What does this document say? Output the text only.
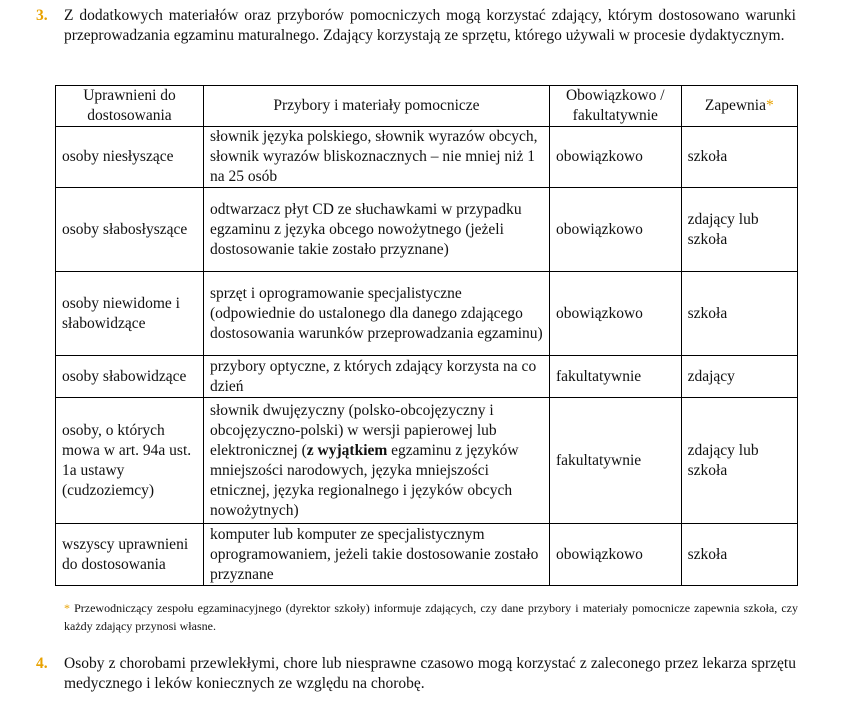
3. Z dodatkowych materiałów oraz przyborów pomocniczych mogą korzystać zdający, którym dostosowano warunki przeprowadzania egzaminu maturalnego. Zdający korzystają ze sprzętu, którego używali w procesie dydaktycznym.
Uprawnieni do dostosowania	Przybory i materiały pomocnicze	Obowiązkowo / fakultatywnie	Zapewnia*
osoby niesłyszące	słownik języka polskiego, słownik wyrazów obcych, słownik wyrazów bliskoznacznych – nie mniej niż 1 na 25 osób	obowiązkowo	szkoła
osoby słabosłyszące	odtwarzacz płyt CD ze słuchawkami w przypadku egzaminu z języka obcego nowożytnego (jeżeli dostosowanie takie zostało przyznane)	obowiązkowo	zdający lub szkoła
osoby niewidome i słabowidzące	sprzęt i oprogramowanie specjalistyczne (odpowiednie do ustalonego dla danego zdającego dostosowania warunków przeprowadzania egzaminu)	obowiązkowo	szkoła
osoby słabowidzące	przybory optyczne, z których zdający korzysta na co dzień	fakultatywnie	zdający
osoby, o których mowa w art. 94a ust. 1a ustawy (cudzoziemcy)	słownik dwujęzyczny (polsko-obcojęzyczny i obcojęzyczno-polski) w wersji papierowej lub elektronicznej (z wyjątkiem egzaminu z języków mniejszości narodowych, języka mniejszości etnicznej, języka regionalnego i języków obcych nowożytnych)	fakultatywnie	zdający lub szkoła
wszyscy uprawnieni do dostosowania	komputer lub komputer ze specjalistycznym oprogramowaniem, jeżeli takie dostosowanie zostało przyznane	obowiązkowo	szkoła
* Przewodniczący zespołu egzaminacyjnego (dyrektor szkoły) informuje zdających, czy dane przybory i materiały pomocnicze zapewnia szkoła, czy każdy zdający przynosi własne.
4. Osoby z chorobami przewlekłymi, chore lub niesprawne czasowo mogą korzystać z zaleconego przez lekarza sprzętu medycznego i leków koniecznych ze względu na chorobę.
